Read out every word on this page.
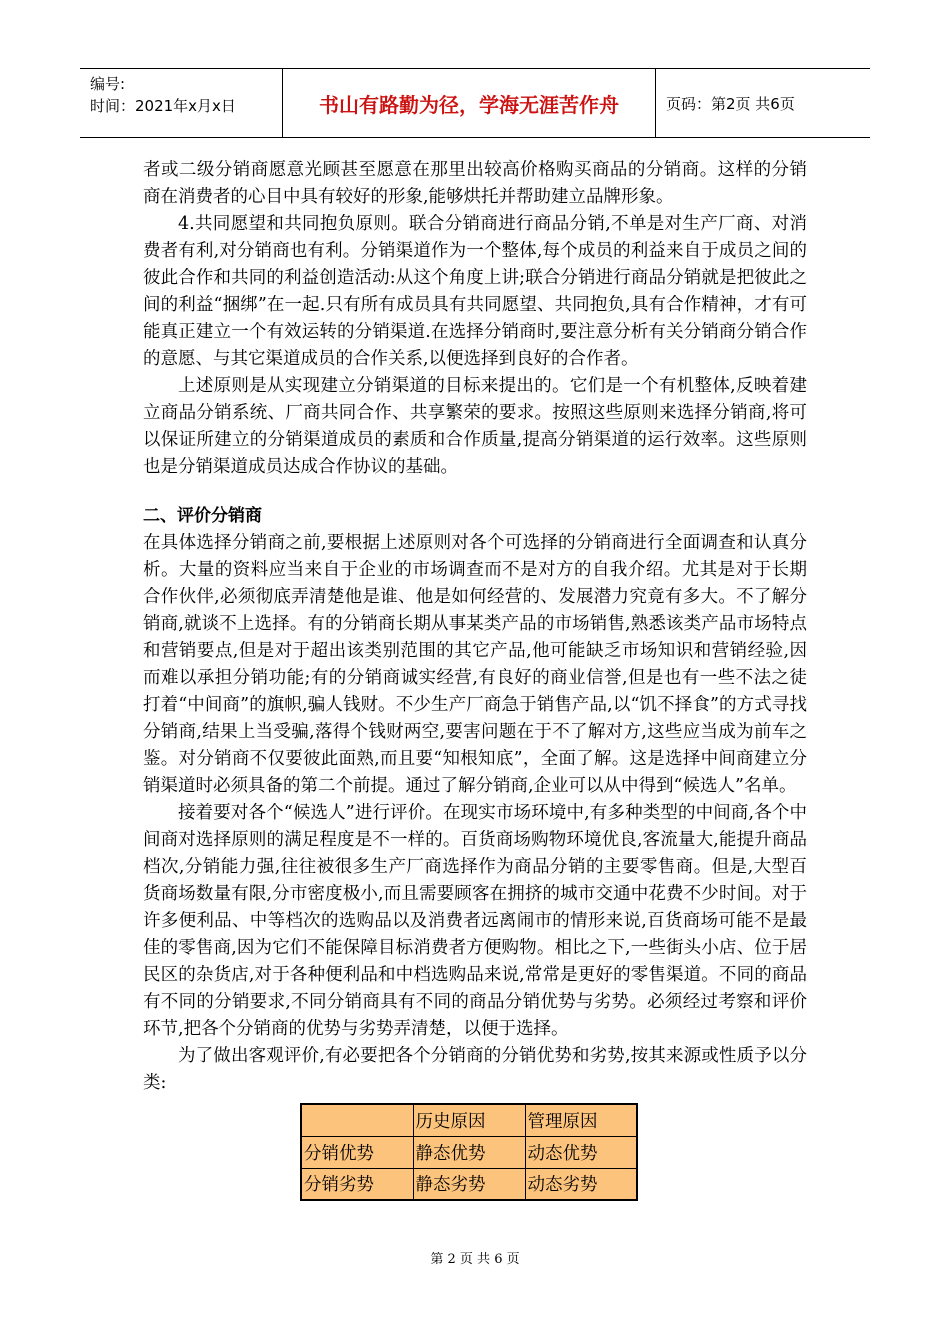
编号:
时间：2021年x月x日	书山有路勤为径，学海无涯苦作舟	页码：第2页 共6页

者或二级分销商愿意光顾甚至愿意在那里出较高价格购买商品的分销商。这样的分销商在消费者的心目中具有较好的形象,能够烘托并帮助建立品牌形象。

4.共同愿望和共同抱负原则。联合分销商进行商品分销,不单是对生产厂商、对消费者有利,对分销商也有利。分销渠道作为一个整体,每个成员的利益来自于成员之间的彼此合作和共同的利益创造活动:从这个角度上讲;联合分销进行商品分销就是把彼此之间的利益“捆绑”在一起.只有所有成员具有共同愿望、共同抱负,具有合作精神，才有可能真正建立一个有效运转的分销渠道.在选择分销商时,要注意分析有关分销商分销合作的意愿、与其它渠道成员的合作关系,以便选择到良好的合作者。

上述原则是从实现建立分销渠道的目标来提出的。它们是一个有机整体,反映着建立商品分销系统、厂商共同合作、共享繁荣的要求。按照这些原则来选择分销商,将可以保证所建立的分销渠道成员的素质和合作质量,提高分销渠道的运行效率。这些原则也是分销渠道成员达成合作协议的基础。

二、评价分销商

在具体选择分销商之前,要根据上述原则对各个可选择的分销商进行全面调查和认真分析。大量的资料应当来自于企业的市场调查而不是对方的自我介绍。尤其是对于长期合作伙伴,必须彻底弄清楚他是谁、他是如何经营的、发展潜力究竟有多大。不了解分销商,就谈不上选择。有的分销商长期从事某类产品的市场销售,熟悉该类产品市场特点和营销要点,但是对于超出该类别范围的其它产品,他可能缺乏市场知识和营销经验,因而难以承担分销功能;有的分销商诚实经营,有良好的商业信誉,但是也有一些不法之徒打着“中间商”的旗帜,骗人钱财。不少生产厂商急于销售产品,以“饥不择食”的方式寻找分销商,结果上当受骗,落得个钱财两空,要害问题在于不了解对方,这些应当成为前车之鉴。对分销商不仅要彼此面熟,而且要“知根知底”，全面了解。这是选择中间商建立分销渠道时必须具备的第二个前提。通过了解分销商,企业可以从中得到“候选人”名单。

接着要对各个“候选人”进行评价。在现实市场环境中,有多种类型的中间商,各个中间商对选择原则的满足程度是不一样的。百货商场购物环境优良,客流量大,能提升商品档次,分销能力强,往往被很多生产厂商选择作为商品分销的主要零售商。但是,大型百货商场数量有限,分市密度极小,而且需要顾客在拥挤的城市交通中花费不少时间。对于许多便利品、中等档次的选购品以及消费者远离闹市的情形来说,百货商场可能不是最佳的零售商,因为它们不能保障目标消费者方便购物。相比之下,一些街头小店、位于居民区的杂货店,对于各种便利品和中档选购品来说,常常是更好的零售渠道。不同的商品有不同的分销要求,不同分销商具有不同的商品分销优势与劣势。必须经过考察和评价环节,把各个分销商的优势与劣势弄清楚，以便于选择。

为了做出客观评价,有必要把各个分销商的分销优势和劣势,按其来源或性质予以分类:

	历史原因	管理原因
分销优势	静态优势	动态优势
分销劣势	静态劣势	动态劣势
第 2 页 共 6 页
